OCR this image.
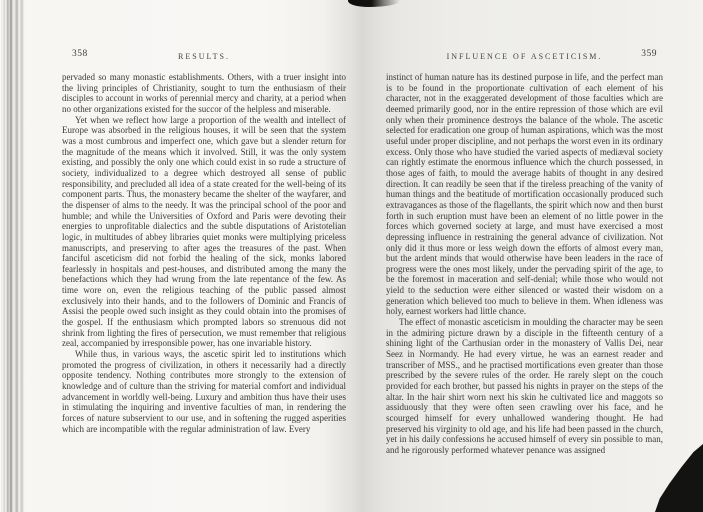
358	RESULTS.

pervaded so many monastic establishments. Others, with a truer insight into the living principles of Christianity, sought to turn the enthusiasm of their disciples to account in works of perennial mercy and charity, at a period when no other organizations existed for the succor of the helpless and miserable.

Yet when we reflect how large a proportion of the wealth and intellect of Europe was absorbed in the religious houses, it will be seen that the system was a most cumbrous and imperfect one, which gave but a slender return for the magnitude of the means which it involved. Still, it was the only system existing, and possibly the only one which could exist in so rude a structure of society, individualized to a degree which destroyed all sense of public responsibility, and precluded all idea of a state created for the well-being of its component parts. Thus, the monastery became the shelter of the wayfarer, and the dispenser of alms to the needy. It was the principal school of the poor and humble; and while the Universities of Oxford and Paris were devoting their energies to unprofitable dialectics and the subtle disputations of Aristotelian logic, in multitudes of abbey libraries quiet monks were multiplying priceless manuscripts, and preserving to after ages the treasures of the past. When fanciful asceticism did not forbid the healing of the sick, monks labored fearlessly in hospitals and pest-houses, and distributed among the many the benefactions which they had wrung from the late repentance of the few. As time wore on, even the religious teaching of the public passed almost exclusively into their hands, and to the followers of Dominic and Francis of Assisi the people owed such insight as they could obtain into the promises of the gospel. If the enthusiasm which prompted labors so strenuous did not shrink from lighting the fires of persecution, we must remember that religious zeal, accompanied by irresponsible power, has one invariable history.

While thus, in various ways, the ascetic spirit led to institutions which promoted the progress of civilization, in others it necessarily had a directly opposite tendency. Nothing contributes more strongly to the extension of knowledge and of culture than the striving for material comfort and individual advancement in worldly well-being. Luxury and ambition thus have their uses in stimulating the inquiring and inventive faculties of man, in rendering the forces of nature subservient to our use, and in softening the rugged asperities which are incompatible with the regular administration of law. Every

INFLUENCE OF ASCETICISM.	359

instinct of human nature has its destined purpose in life, and the perfect man is to be found in the proportionate cultivation of each element of his character, not in the exaggerated development of those faculties which are deemed primarily good, nor in the entire repression of those which are evil only when their prominence destroys the balance of the whole. The ascetic selected for eradication one group of human aspirations, which was the most useful under proper discipline, and not perhaps the worst even in its ordinary excess. Only those who have studied the varied aspects of mediæval society can rightly estimate the enormous influence which the church possessed, in those ages of faith, to mould the average habits of thought in any desired direction. It can readily be seen that if the tireless preaching of the vanity of human things and the beatitude of mortification occasionally produced such extravagances as those of the flagellants, the spirit which now and then burst forth in such eruption must have been an element of no little power in the forces which governed society at large, and must have exercised a most depressing influence in restraining the general advance of civilization. Not only did it thus more or less weigh down the efforts of almost every man, but the ardent minds that would otherwise have been leaders in the race of progress were the ones most likely, under the pervading spirit of the age, to be the foremost in maceration and self-denial; while those who would not yield to the seduction were either silenced or wasted their wisdom on a generation which believed too much to believe in them. When idleness was holy, earnest workers had little chance.

The effect of monastic asceticism in moulding the character may be seen in the admiring picture drawn by a disciple in the fifteenth century of a shining light of the Carthusian order in the monastery of Vallis Dei, near Seez in Normandy. He had every virtue, he was an earnest reader and transcriber of MSS., and he practised mortifications even greater than those prescribed by the severe rules of the order. He rarely slept on the couch provided for each brother, but passed his nights in prayer on the steps of the altar. In the hair shirt worn next his skin he cultivated lice and maggots so assiduously that they were often seen crawling over his face, and he scourged himself for every unhallowed wandering thought. He had preserved his virginity to old age, and his life had been passed in the church, yet in his daily confessions he accused himself of every sin possible to man, and he rigorously performed whatever penance was assigned
